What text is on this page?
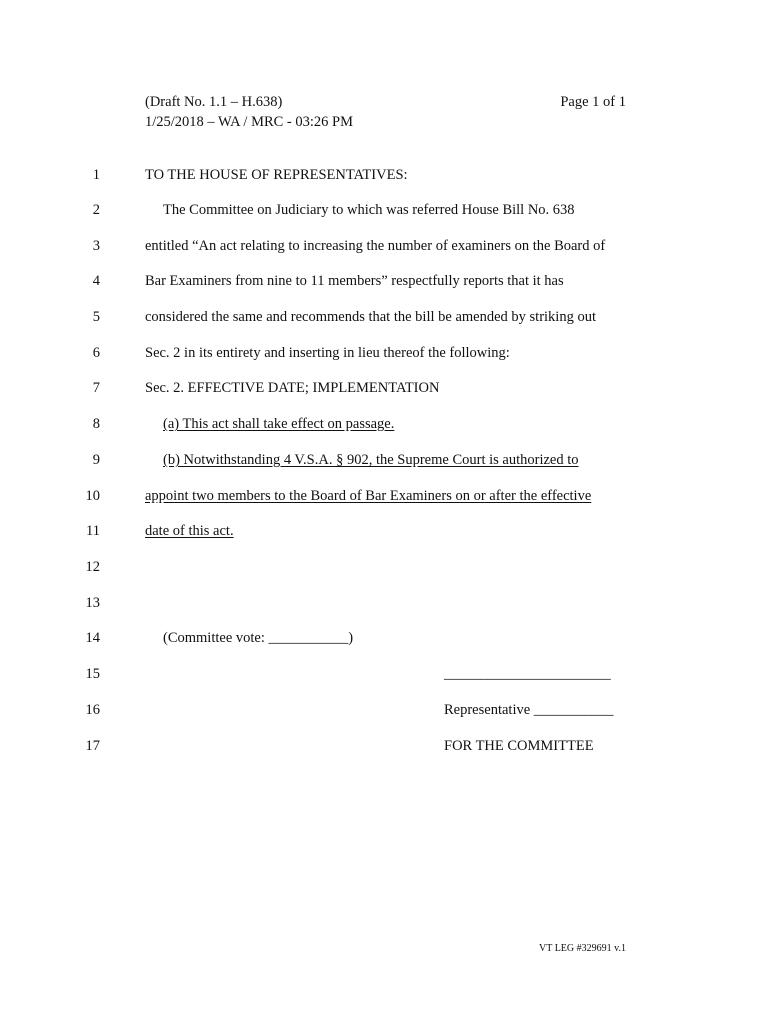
(Draft No. 1.1 – H.638)
1/25/2018 – WA / MRC - 03:26 PM
Page 1 of 1
1	TO THE HOUSE OF REPRESENTATIVES:
2	The Committee on Judiciary to which was referred House Bill No. 638
3	entitled “An act relating to increasing the number of examiners on the Board of
4	Bar Examiners from nine to 11 members” respectfully reports that it has
5	considered the same and recommends that the bill be amended by striking out
6	Sec. 2 in its entirety and inserting in lieu thereof the following:
7	Sec. 2. EFFECTIVE DATE; IMPLEMENTATION
8	(a) This act shall take effect on passage.
9	(b) Notwithstanding 4 V.S.A. § 902, the Supreme Court is authorized to
10	appoint two members to the Board of Bar Examiners on or after the effective
11	date of this act.
12
13
14	(Committee vote: ___________)
15	_______________________
16	Representative ___________
17	FOR THE COMMITTEE
VT LEG #329691 v.1
